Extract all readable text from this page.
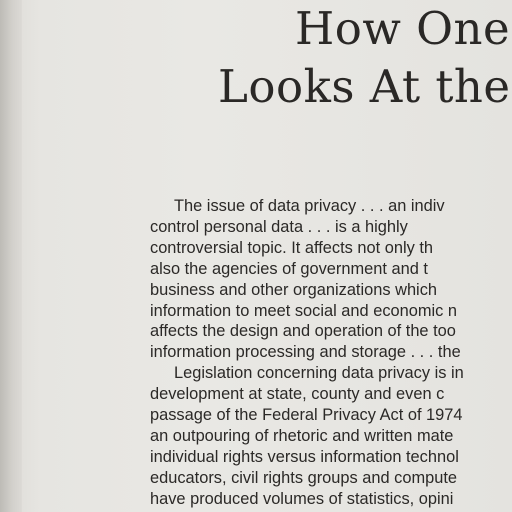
How One
Looks At the
The issue of data privacy . . . an indiv
control personal data . . . is a highly
controversial topic. It affects not only th
also the agencies of government and t
business and other organizations which
information to meet social and economic n
affects the design and operation of the too
information processing and storage . . . the
Legislation concerning data privacy is in
development at state, county and even c
passage of the Federal Privacy Act of 1974
an outpouring of rhetoric and written mate
individual rights versus information technol
educators, civil rights groups and compute
have produced volumes of statistics, opini
